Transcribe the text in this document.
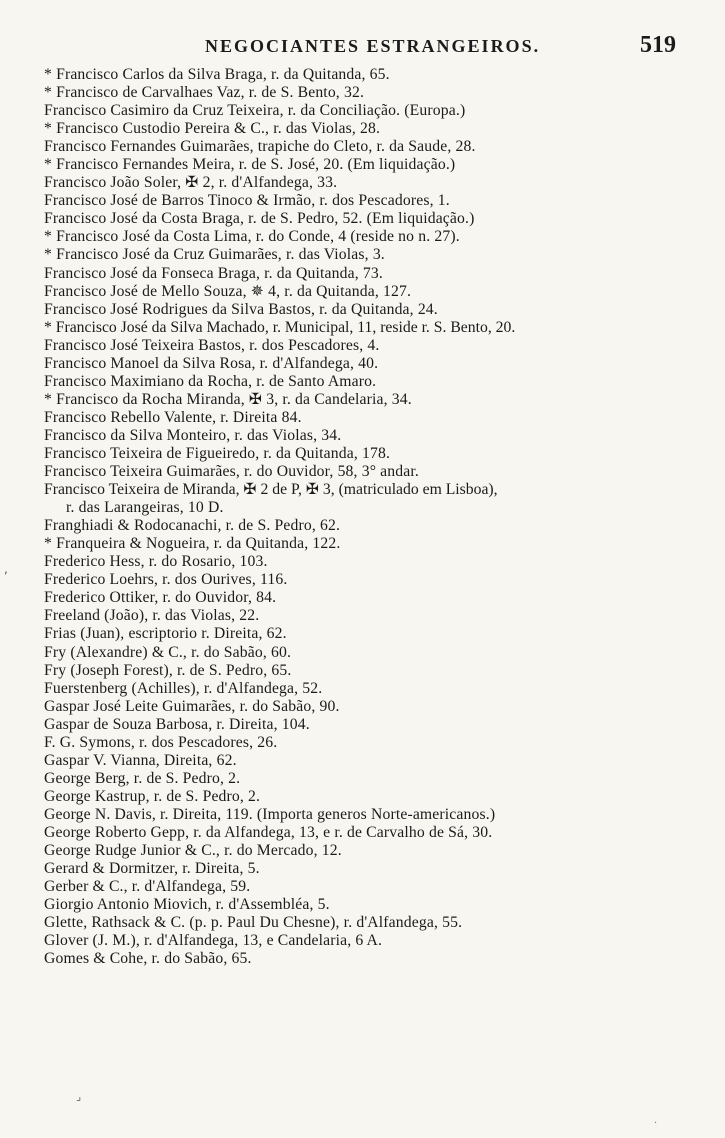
NEGOCIANTES ESTRANGEIROS.	519
* Francisco Carlos da Silva Braga, r. da Quitanda, 65.
* Francisco de Carvalhaes Vaz, r. de S. Bento, 32.
Francisco Casimiro da Cruz Teixeira, r. da Conciliação. (Europa.)
* Francisco Custodio Pereira & C., r. das Violas, 28.
Francisco Fernandes Guimarães, trapiche do Cleto, r. da Saude, 28.
* Francisco Fernandes Meira, r. de S. José, 20. (Em liquidação.)
Francisco João Soler, ✠ 2, r. d'Alfandega, 33.
Francisco José de Barros Tinoco & Irmão, r. dos Pescadores, 1.
Francisco José da Costa Braga, r. de S. Pedro, 52. (Em liquidação.)
* Francisco José da Costa Lima, r. do Conde, 4 (reside no n. 27).
* Francisco José da Cruz Guimarães, r. das Violas, 3.
Francisco José da Fonseca Braga, r. da Quitanda, 73.
Francisco José de Mello Souza, ✵ 4, r. da Quitanda, 127.
Francisco José Rodrigues da Silva Bastos, r. da Quitanda, 24.
* Francisco José da Silva Machado, r. Municipal, 11, reside r. S. Bento, 20.
Francisco José Teixeira Bastos, r. dos Pescadores, 4.
Francisco Manoel da Silva Rosa, r. d'Alfandega, 40.
Francisco Maximiano da Rocha, r. de Santo Amaro.
* Francisco da Rocha Miranda, ✠ 3, r. da Candelaria, 34.
Francisco Rebello Valente, r. Direita 84.
Francisco da Silva Monteiro, r. das Violas, 34.
Francisco Teixeira de Figueiredo, r. da Quitanda, 178.
Francisco Teixeira Guimarães, r. do Ouvidor, 58, 3° andar.
Francisco Teixeira de Miranda, ✠ 2 de P, ✠ 3, (matriculado em Lisboa),
r. das Larangeiras, 10 D.
Franghiadi & Rodocanachi, r. de S. Pedro, 62.
* Franqueira & Nogueira, r. da Quitanda, 122.
Frederico Hess, r. do Rosario, 103.
Frederico Loehrs, r. dos Ourives, 116.
Frederico Ottiker, r. do Ouvidor, 84.
Freeland (João), r. das Violas, 22.
Frias (Juan), escriptorio r. Direita, 62.
Fry (Alexandre) & C., r. do Sabão, 60.
Fry (Joseph Forest), r. de S. Pedro, 65.
Fuerstenberg (Achilles), r. d'Alfandega, 52.
Gaspar José Leite Guimarães, r. do Sabão, 90.
Gaspar de Souza Barbosa, r. Direita, 104.
F. G. Symons, r. dos Pescadores, 26.
Gaspar V. Vianna, Direita, 62.
George Berg, r. de S. Pedro, 2.
George Kastrup, r. de S. Pedro, 2.
George N. Davis, r. Direita, 119. (Importa generos Norte-americanos.)
George Roberto Gepp, r. da Alfandega, 13, e r. de Carvalho de Sá, 30.
George Rudge Junior & C., r. do Mercado, 12.
Gerard & Dormitzer, r. Direita, 5.
Gerber & C., r. d'Alfandega, 59.
Giorgio Antonio Miovich, r. d'Assembléa, 5.
Glette, Rathsack & C. (p. p. Paul Du Chesne), r. d'Alfandega, 55.
Glover (J. M.), r. d'Alfandega, 13, e Candelaria, 6 A.
Gomes & Cohe, r. do Sabão, 65.
,
⌟
·
